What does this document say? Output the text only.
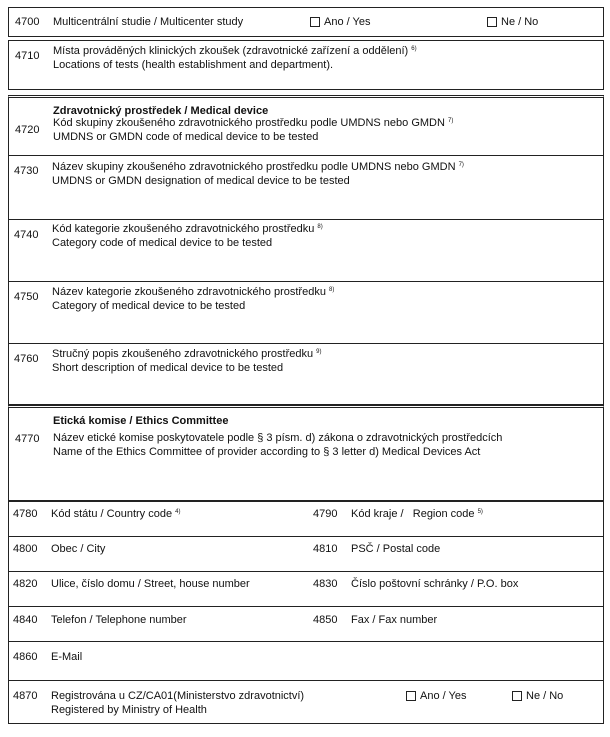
4700 Multicentrální studie / Multicenter study	Ano / Yes	Ne / No
4710 Místa prováděných klinických zkoušek (zdravotnické zařízení a oddělení) $^{6)}$
Locations of tests (health establishment and department).
Zdravotnický prostředek / Medical device
4720
Kód skupiny zkoušeného zdravotnického prostředku podle UMDNS nebo GMDN $^{7)}$
UMDNS or GMDN code of medical device to be tested
4730 Název skupiny zkoušeného zdravotnického prostředku podle UMDNS nebo GMDN $^{7)}$
UMDNS or GMDN designation of medical device to be tested
4740 Kód kategorie zkoušeného zdravotnického prostředku $^{8)}$
Category code of medical device to be tested
4750 Název kategorie zkoušeného zdravotnického prostředku $^{8)}$
Category of medical device to be tested
4760 Stručný popis zkoušeného zdravotnického prostředku $^{9)}$
Short description of medical device to be tested
Etická komise / Ethics Committee
4770 Název etické komise poskytovatele podle § 3 písm. d) zákona o zdravotnických prostředcích
Name of the Ethics Committee of provider according to § 3 letter d) Medical Devices Act
4780 Kód státu / Country code $^{4)}$	4790 Kód kraje /   Region code $^{5)}$
4800 Obec / City	4810 PSČ / Postal code
4820 Ulice, číslo domu / Street, house number	4830 Číslo poštovní schránky / P.O. box
4840 Telefon / Telephone number	4850 Fax / Fax number
4860 E-Mail
4870 Registrována u CZ/CA01(Ministerstvo zdravotnictví)
Registered by Ministry of Health
Ano / Yes	Ne / No
